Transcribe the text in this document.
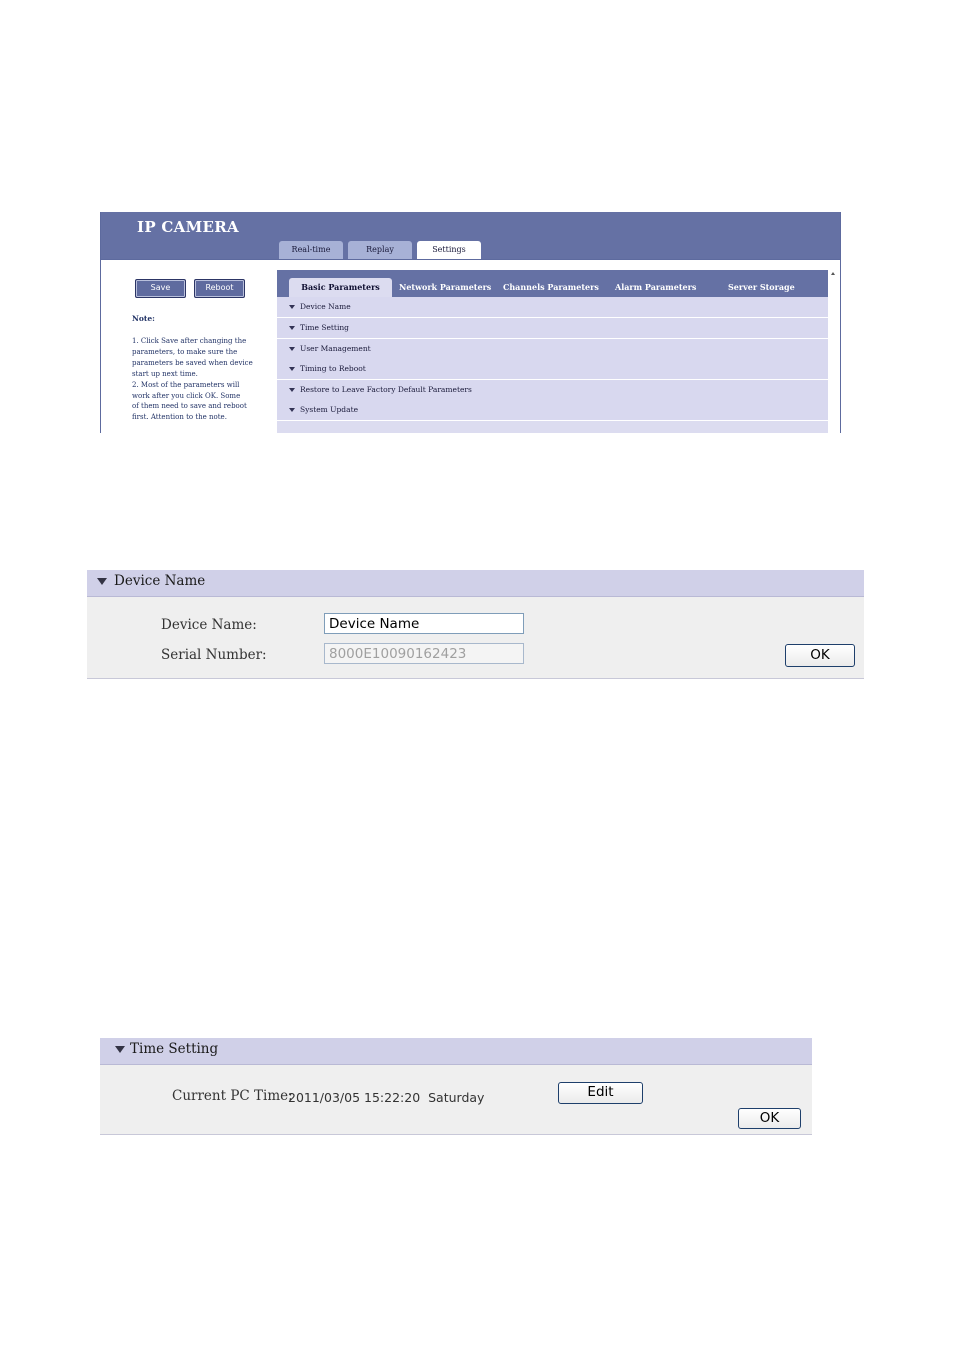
IP CAMERA
Real-time	Replay	Settings
Save	Reboot
Note:
1. Click Save after changing the
parameters, to make sure the
parameters be saved when device
start up next time.
2. Most of the parameters will
work after you click OK. Some
of them need to save and reboot
first. Attention to the note.
Basic Parameters	Network Parameters Channels Parameters Alarm Parameters	Server Storage
Device Name
Time Setting
User Management
Timing to Reboot
Restore to Leave Factory Default Parameters
System Update
Device Name
Device Name:
Device Name
Serial Number:
8000E10090162423	OK
Time Setting
Current PC Time:
2011/03/05 15:22:20  Saturday	Edit
OK
